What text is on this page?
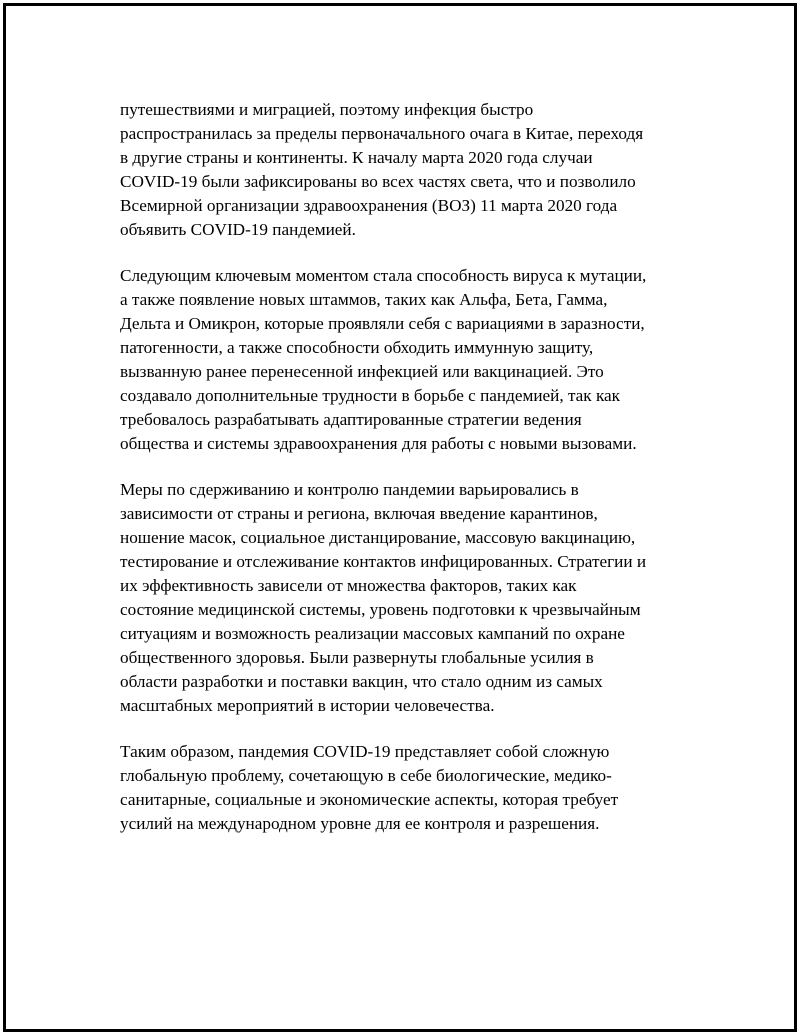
путешествиями и миграцией, поэтому инфекция быстро
распространилась за пределы первоначального очага в Китае, переходя
в другие страны и континенты. К началу марта 2020 года случаи
COVID-19 были зафиксированы во всех частях света, что и позволило
Всемирной организации здравоохранения (ВОЗ) 11 марта 2020 года
объявить COVID-19 пандемией.

Следующим ключевым моментом стала способность вируса к мутации,
а также появление новых штаммов, таких как Альфа, Бета, Гамма,
Дельта и Омикрон, которые проявляли себя с вариациями в заразности,
патогенности, а также способности обходить иммунную защиту,
вызванную ранее перенесенной инфекцией или вакцинацией. Это
создавало дополнительные трудности в борьбе с пандемией, так как
требовалось разрабатывать адаптированные стратегии ведения
общества и системы здравоохранения для работы с новыми вызовами.

Меры по сдерживанию и контролю пандемии варьировались в
зависимости от страны и региона, включая введение карантинов,
ношение масок, социальное дистанцирование, массовую вакцинацию,
тестирование и отслеживание контактов инфицированных. Стратегии и
их эффективность зависели от множества факторов, таких как
состояние медицинской системы, уровень подготовки к чрезвычайным
ситуациям и возможность реализации массовых кампаний по охране
общественного здоровья. Были развернуты глобальные усилия в
области разработки и поставки вакцин, что стало одним из самых
масштабных мероприятий в истории человечества.

Таким образом, пандемия COVID-19 представляет собой сложную
глобальную проблему, сочетающую в себе биологические, медико-
санитарные, социальные и экономические аспекты, которая требует
усилий на международном уровне для ее контроля и разрешения.
